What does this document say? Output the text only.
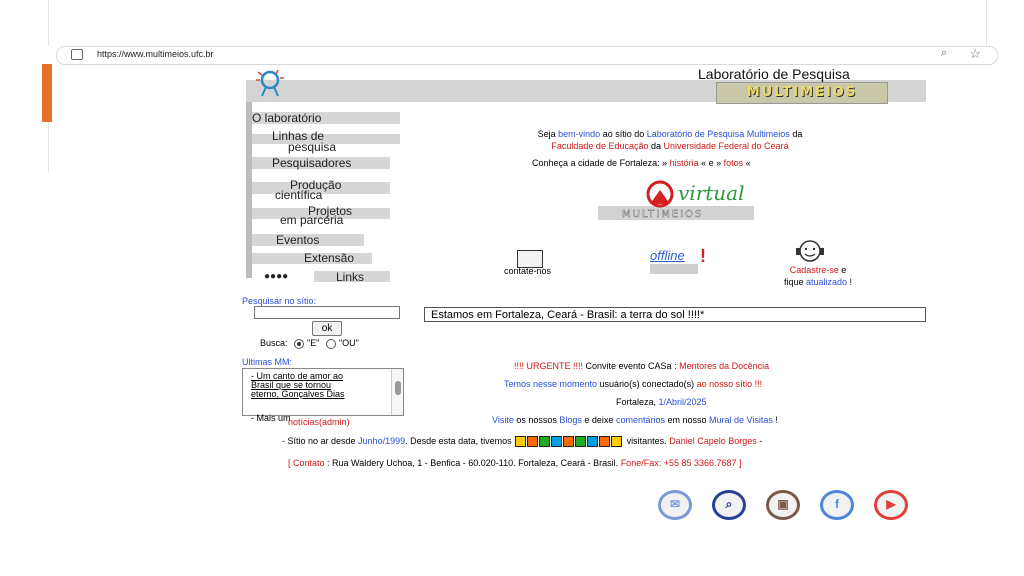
https://www.multimeios.ufc.br	⌕ ☆
Laboratório de Pesquisa
MULTIMEIOS
O laboratório
Linhas de
pesquisa
Pesquisadores
Produção
científica
Projetos
em parceria
Eventos
Extensão
●●●●	Links
Seja bem-vindo ao sítio do Laboratório de Pesquisa Multimeios da
Faculdade de Educação da Universidade Federal do Ceará
Conheça a cidade de Fortaleza: » história « e » fotos «
virtual
MULTIMEIOS
contate-nos
offline !
Cadastre-se e
fique atualizado !
Pesquisar no sítio:
ok
Busca: "E" "OU"
Estamos em Fortaleza, Ceará - Brasil: a terra do sol !!!!*
Ultimas MM:
- Um canto de amor ao Brasil que se tornou eterno, Gonçalves Dias
- Mais um
notícias(admin)
!!!! URGENTE !!!! Convite evento CASa : Mentores da Docência
Temos nesse momento usuário(s) conectado(s) ao nosso sítio !!!
Fortaleza, 1/Abril/2025
Visite os nossos Blogs e deixe comentários em nosso Mural de Visitas !
- Sítio no ar desde Junho/1999. Desde esta data, tivemos	visitantes. Daniel Capelo Borges -
[ Contato : Rua Waldery Uchoa, 1 - Benfica - 60.020-110. Fortaleza, Ceará - Brasil. Fone/Fax: +55 85 3366.7687 ]
✉	⌕	▣	f	▶
